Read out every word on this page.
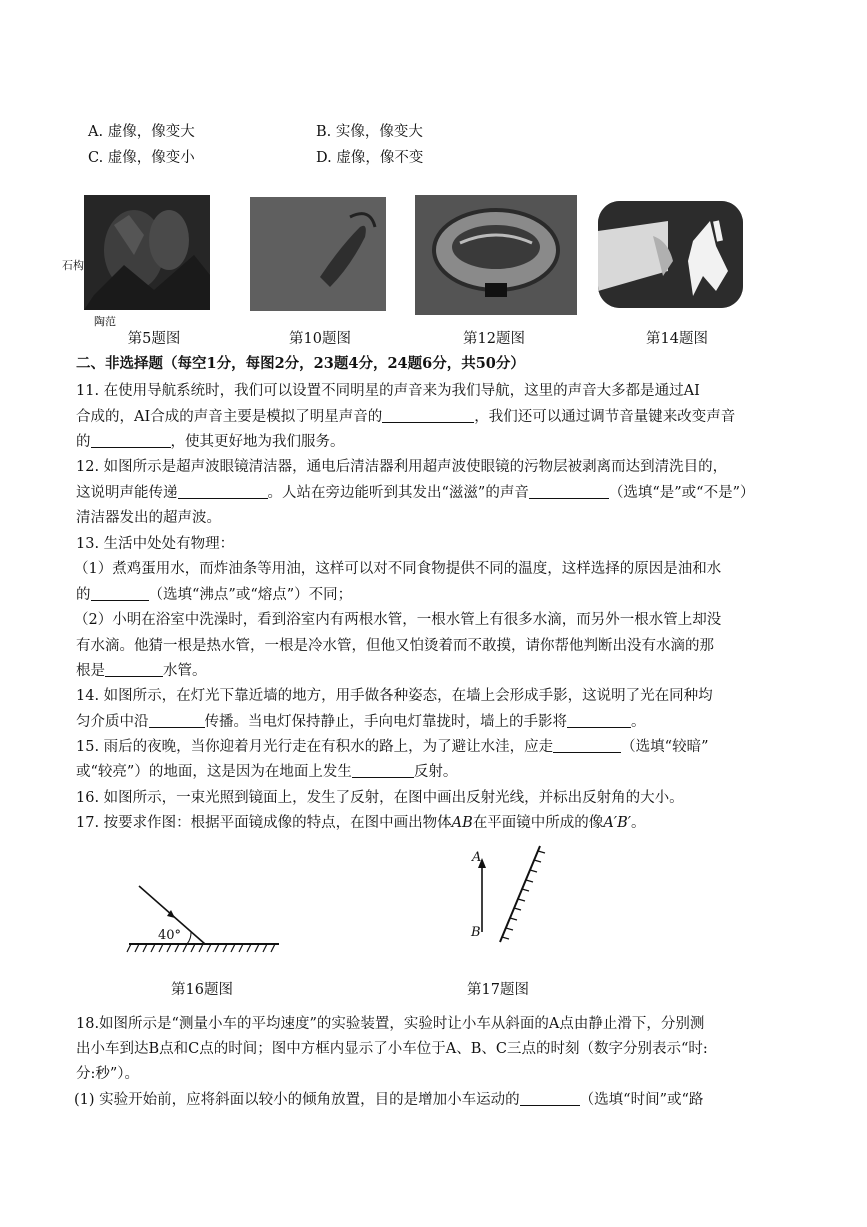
A. 虚像，像变大	B. 实像，像变大
C. 虚像，像变小	D. 虚像，像不变
石构
陶范
第5题图	第10题图	第12题图	第14题图
二、非选择题（每空1分，每图2分，23题4分，24题6分，共50分）
11. 在使用导航系统时，我们可以设置不同明星的声音来为我们导航，这里的声音大多都是通过AI
合成的，AI合成的声音主要是模拟了明星声音的	，我们还可以通过调节音量键来改变声音
的	，使其更好地为我们服务。
12. 如图所示是超声波眼镜清洁器，通电后清洁器利用超声波使眼镜的污物层被剥离而达到清洗目的，
这说明声能传递	。人站在旁边能听到其发出“滋滋”的声音	（选填“是”或“不是”）
清洁器发出的超声波。
13. 生活中处处有物理：
（1）煮鸡蛋用水，而炸油条等用油，这样可以对不同食物提供不同的温度，这样选择的原因是油和水
的	（选填“沸点”或“熔点”）不同；
（2）小明在浴室中洗澡时，看到浴室内有两根水管，一根水管上有很多水滴，而另外一根水管上却没
有水滴。他猜一根是热水管，一根是冷水管，但他又怕烫着而不敢摸，请你帮他判断出没有水滴的那
根是	水管。
14. 如图所示，在灯光下靠近墙的地方，用手做各种姿态，在墙上会形成手影，这说明了光在同种均
匀介质中沿	传播。当电灯保持静止，手向电灯靠拢时，墙上的手影将	。
15. 雨后的夜晚，当你迎着月光行走在有积水的路上，为了避让水洼，应走	（选填“较暗”
或“较亮”）的地面，这是因为在地面上发生	反射。
16. 如图所示，一束光照到镜面上，发生了反射，在图中画出反射光线，并标出反射角的大小。
17. 按要求作图：根据平面镜成像的特点，在图中画出物体AB在平面镜中所成的像A′B′。
40°
第16题图
A
B
第17题图
18.如图所示是“测量小车的平均速度”的实验装置，实验时让小车从斜面的A点由静止滑下，分别测
出小车到达B点和C点的时间；图中方框内显示了小车位于A、B、C三点的时刻（数字分别表示“时:
分:秒”）。
(1) 实验开始前，应将斜面以较小的倾角放置，目的是增加小车运动的	（选填“时间”或“路
